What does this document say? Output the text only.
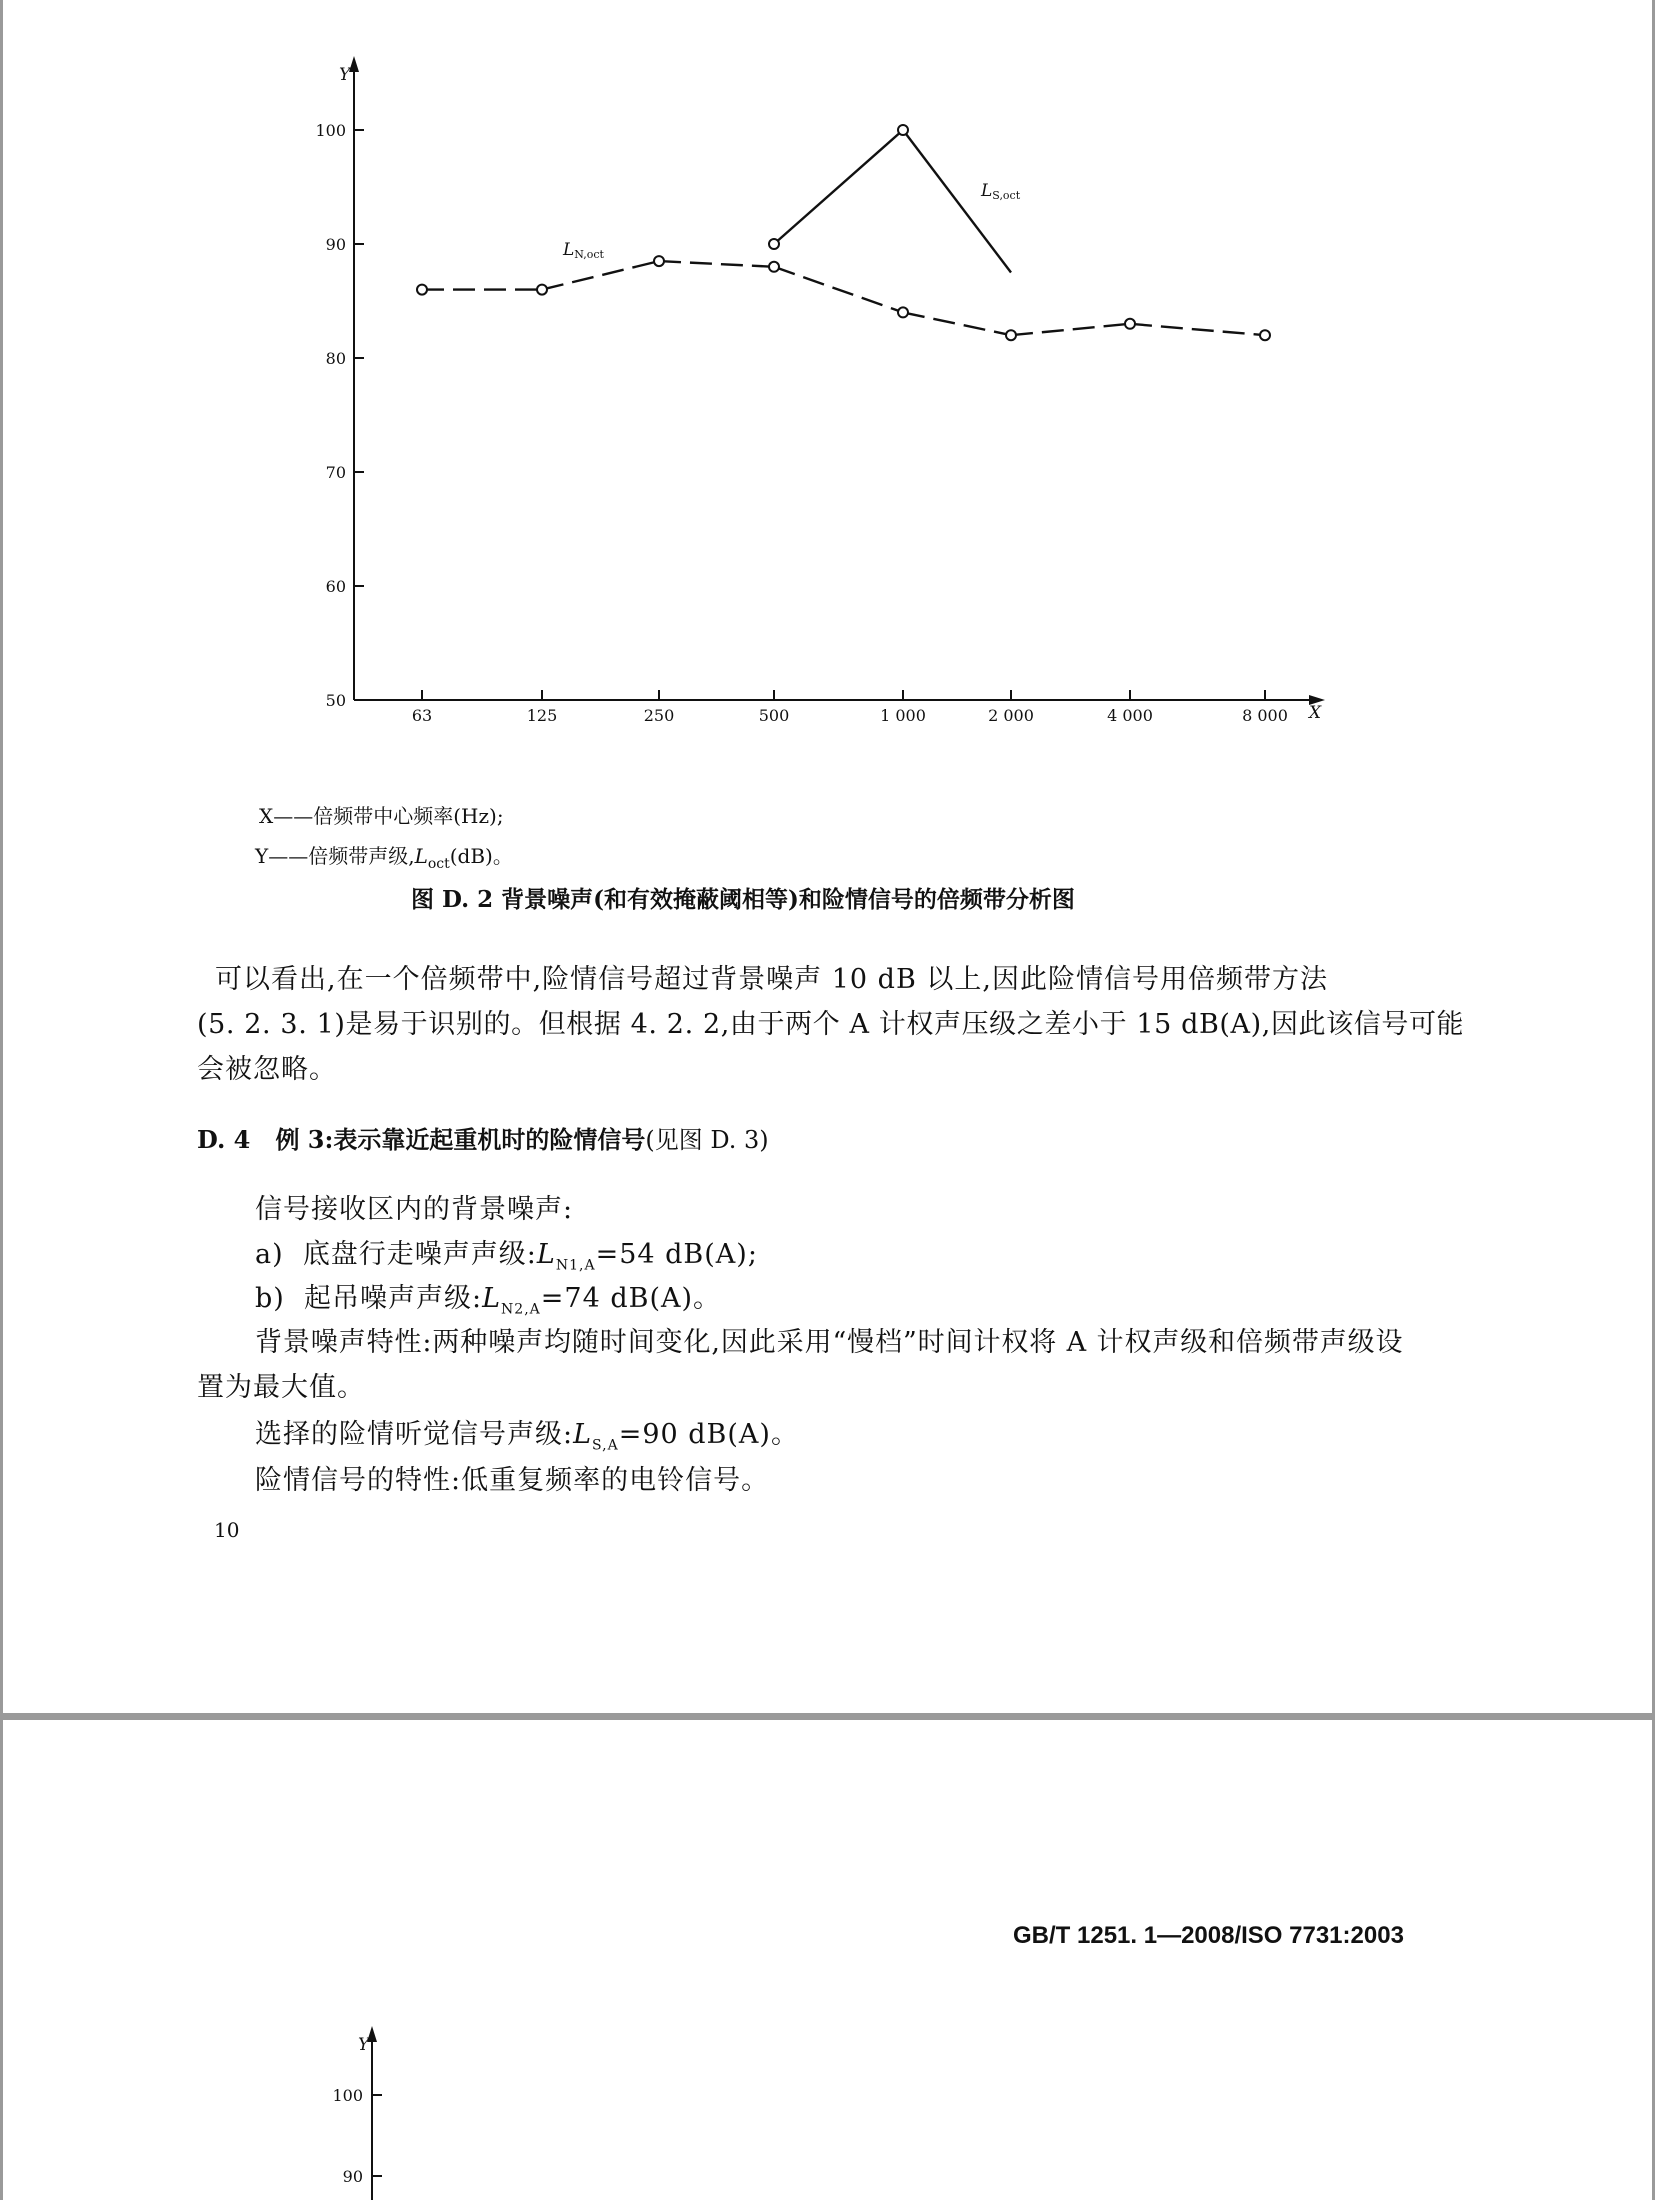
Y
X
100
90
80
70
60
50
63	125	250	500	1 000	2 000	4 000	8 000
LN,oct
LS,oct
X——倍频带中心频率(Hz);
Y——倍频带声级$,L_{oct}(dB)$。
图 D. 2 背景噪声(和有效掩蔽阈相等)和险情信号的倍频带分析图
可以看出,在一个倍频带中,险情信号超过背景噪声 10 dB 以上,因此险情信号用倍频带方法
(5. 2. 3. 1)是易于识别的。但根据 4. 2. 2,由于两个 A 计权声压级之差小于 15 dB(A),因此该信号可能
会被忽略。
D. 4 例 3:表示靠近起重机时的险情信号(见图 D. 3)
信号接收区内的背景噪声:
a) 底盘行走噪声声级$:L_{N1,A}=54$ dB(A);
b) 起吊噪声声级$:L_{N2,A}=74$ dB(A)。
背景噪声特性:两种噪声均随时间变化,因此采用“慢档”时间计权将 A 计权声级和倍频带声级设
置为最大值。
选择的险情听觉信号声级$:L_{S,A}=90$ dB(A)。
险情信号的特性:低重复频率的电铃信号。
10
GB/T 1251. 1—2008/ISO 7731:2003
Y
100
90
